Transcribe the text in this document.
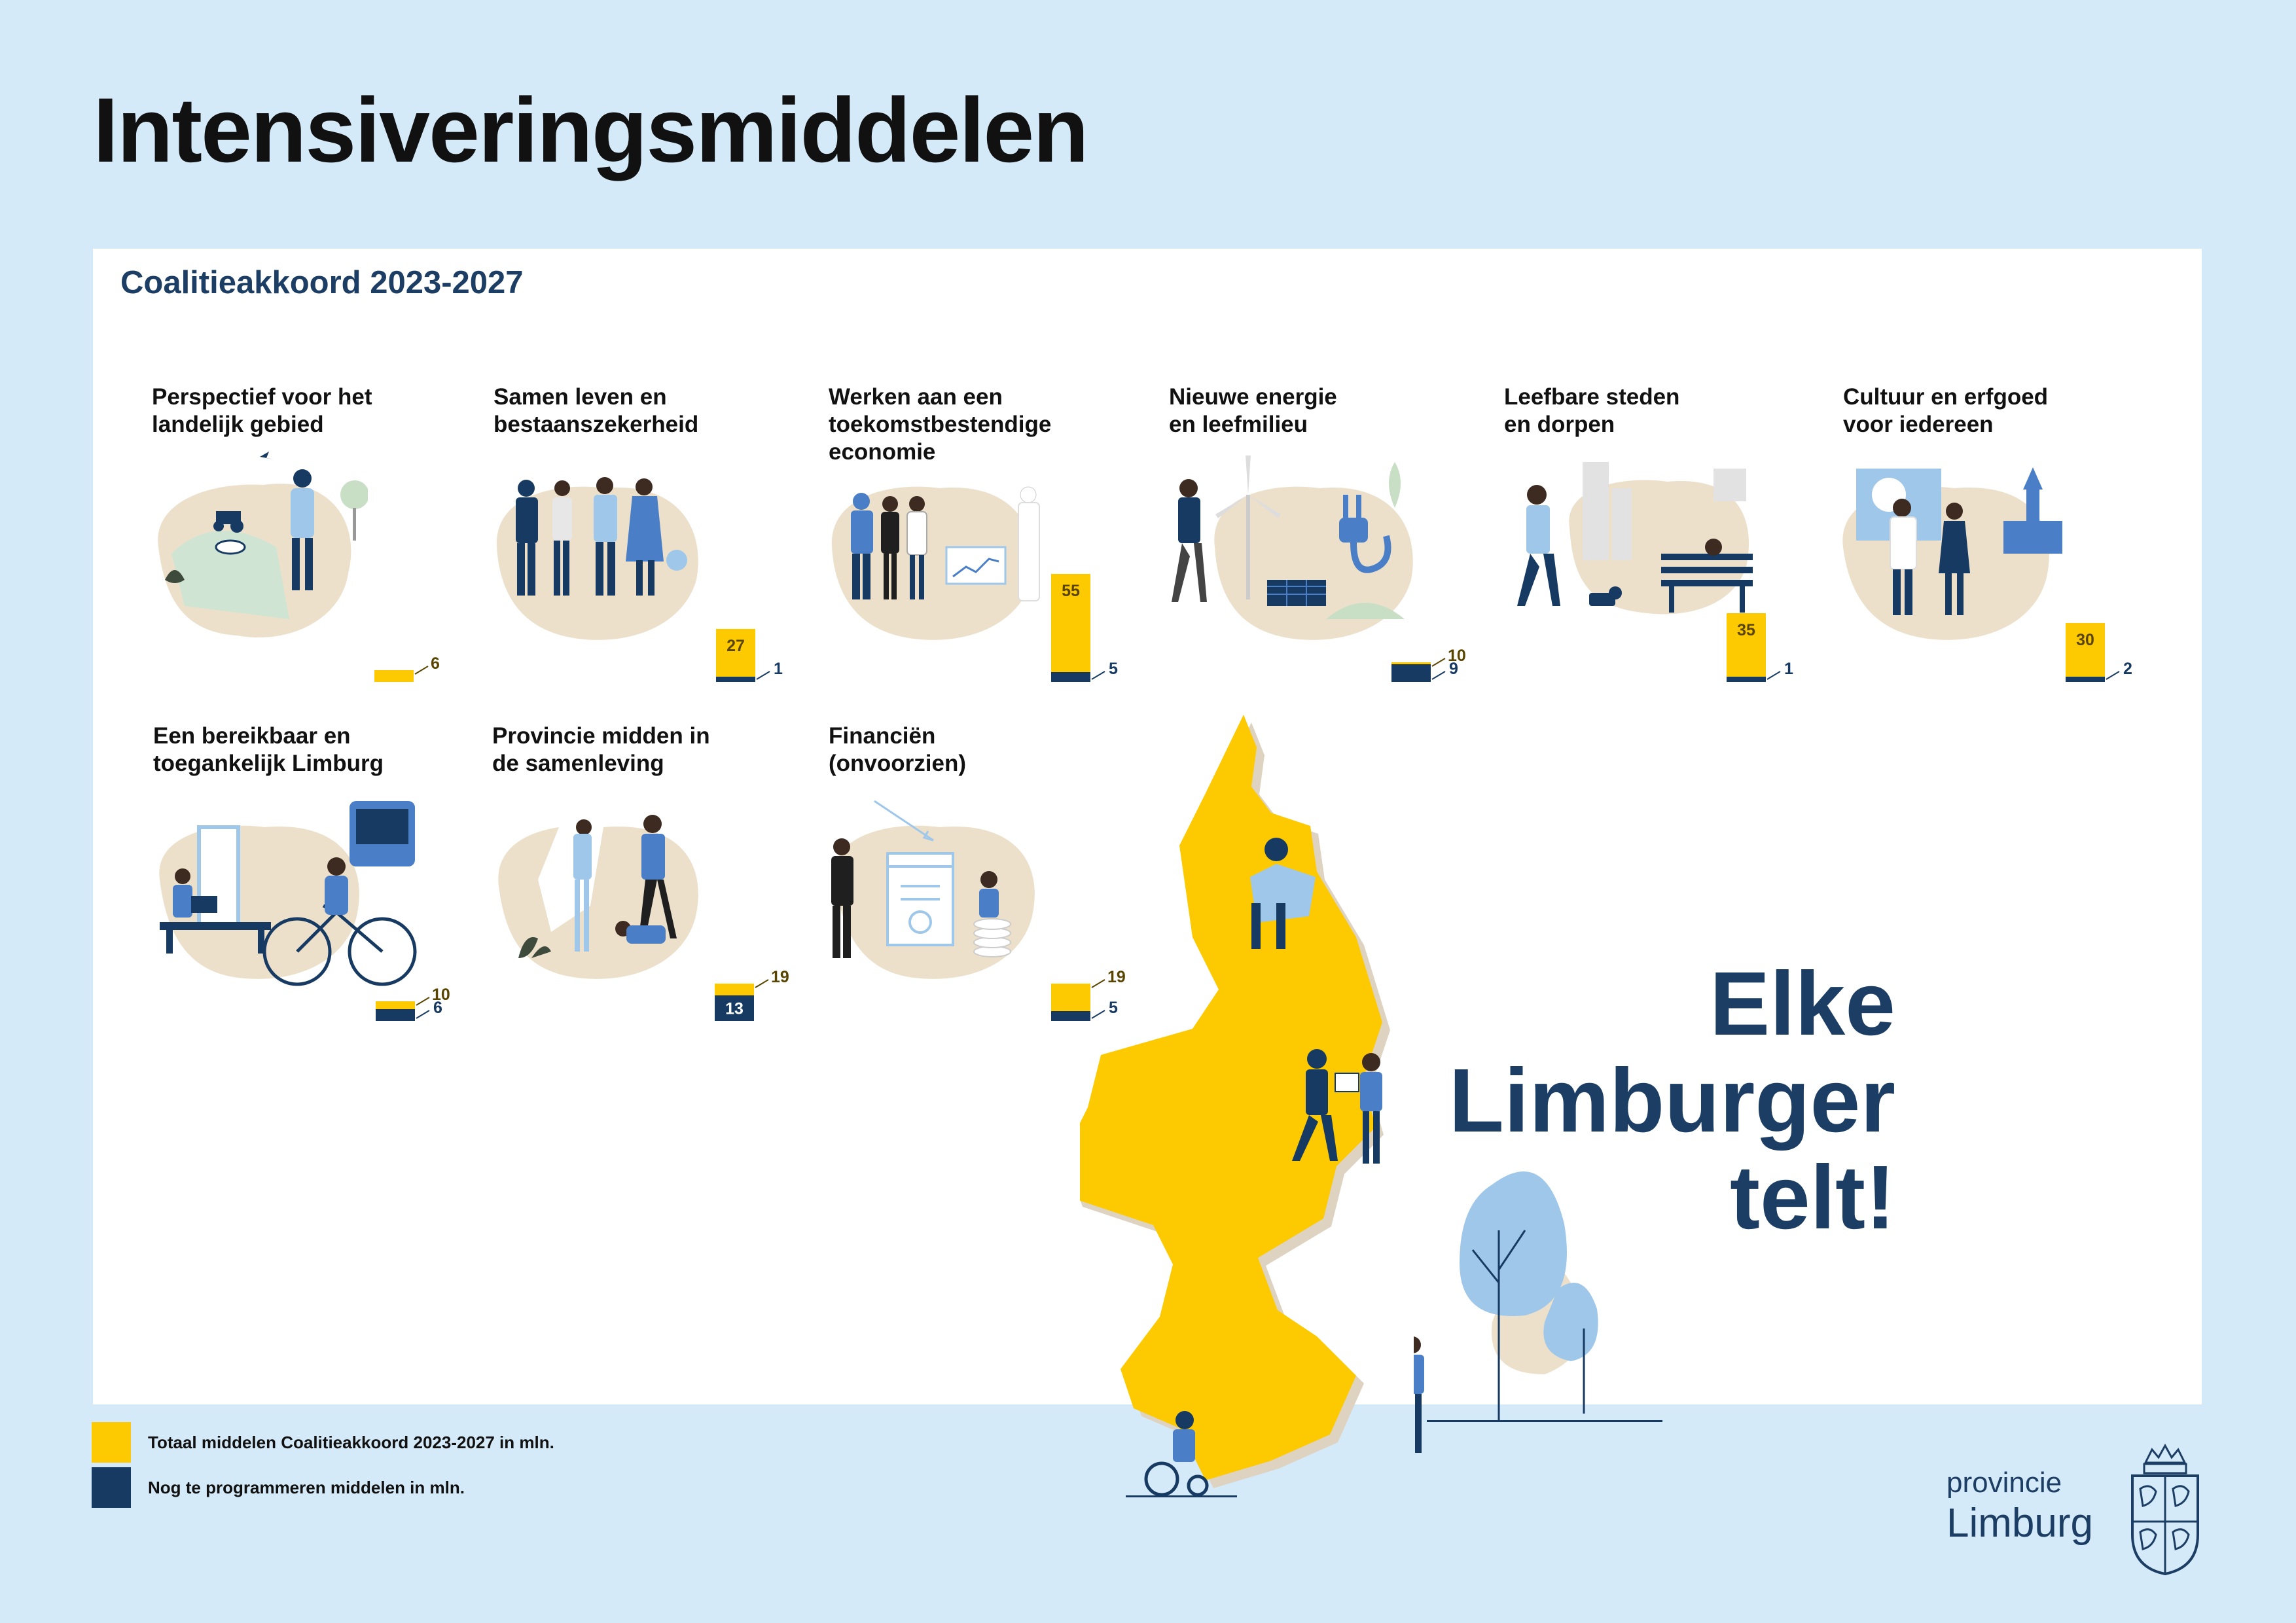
Intensiveringsmiddelen
Coalitieakkoord 2023-2027
Perspectief voor het
landelijk gebied
6
Samen leven en
bestaanszekerheid
27
1
Werken aan een
toekomstbestendige
economie
55
5
Nieuwe energie
en leefmilieu
10
9
Leefbare steden
en dorpen
35
1
Cultuur en erfgoed
voor iedereen
30
2
Een bereikbaar en
toegankelijk Limburg
10
6
Provincie midden in
de samenleving
19
13
Financiën
(onvoorzien)
19
5	Elke
Limburger
telt!
Totaal middelen Coalitieakkoord 2023-2027 in mln.
Nog te programmeren middelen in mln.	provincie
Limburg
